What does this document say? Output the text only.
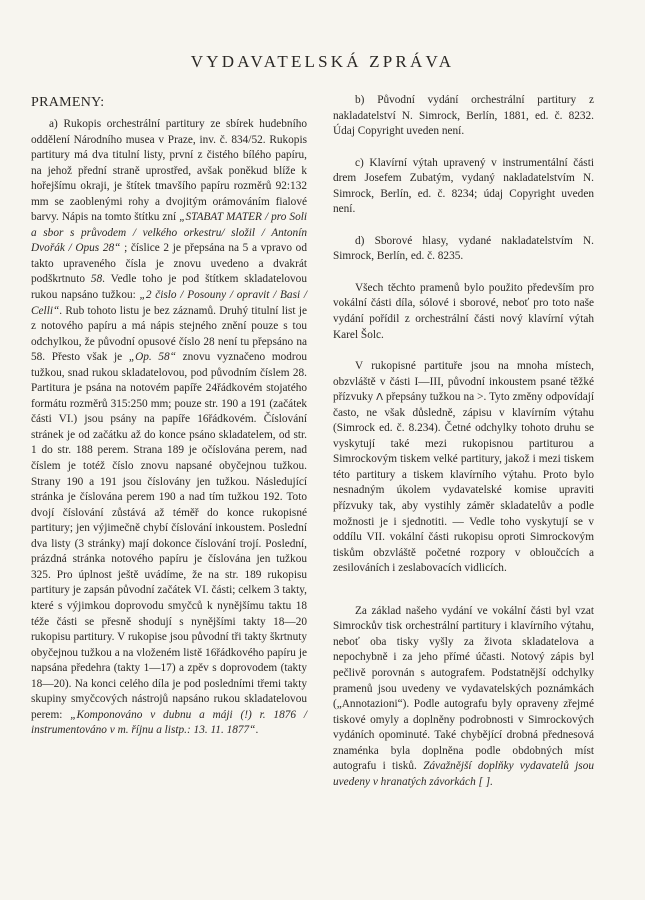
VYDAVATELSKÁ ZPRÁVA
PRAMENY:

a) Rukopis orchestrální partitury ze sbírek hudebního oddělení Národního musea v Praze, inv. č. 834/52. Rukopis partitury má dva titulní listy, první z čistého bílého papíru, na jehož přední straně uprostřed, avšak poněkud blíže k hořejšímu okraji, je štítek tmavšího papíru rozměrů 92:132 mm se zaoblenými rohy a dvojitým orámováním fialové barvy. Nápis na tomto štítku zní „STABAT MATER / pro Soli a sbor s průvodem / velkého orkestru/ složil / Antonín Dvořák / Opus 28“ ; číslice 2 je přepsána na 5 a vpravo od takto upraveného čísla je znovu uvedeno a dvakrát podškrtnuto 58. Vedle toho je pod štítkem skladatelovou rukou napsáno tužkou: „2 čislo / Posouny / opravit / Basi / Celli“. Rub tohoto listu je bez záznamů. Druhý titulní list je z notového papíru a má nápis stejného znění pouze s tou odchylkou, že původní opusové číslo 28 není tu přepsáno na 58. Přesto však je „Op. 58“ znovu vyznačeno modrou tužkou, snad rukou skladatelovou, pod původním číslem 28. Partitura je psána na notovém papíře 24řádkovém stojatého formátu rozměrů 315:250 mm; pouze str. 190 a 191 (začátek části VI.) jsou psány na papíře 16řádkovém. Číslování stránek je od začátku až do konce psáno skladatelem, od str. 1 do str. 188 perem. Strana 189 je očíslována perem, nad číslem je totéž číslo znovu napsané obyčejnou tužkou. Strany 190 a 191 jsou číslovány jen tužkou. Následující stránka je číslována perem 190 a nad tím tužkou 192. Toto dvojí číslování zůstává až téměř do konce rukopisné partitury; jen výjimečně chybí číslování inkoustem. Poslední dva listy (3 stránky) mají dokonce číslování trojí. Poslední, prázdná stránka notového papíru je číslována jen tužkou 325. Pro úplnost ještě uvádíme, že na str. 189 rukopisu partitury je zapsán původní začátek VI. části; celkem 3 takty, které s výjimkou doprovodu smyčců k nynějšímu taktu 18 téže části se přesně shodují s nynějšími takty 18—20 rukopisu partitury. V rukopise jsou původní tři takty škrtnuty obyčejnou tužkou a na vloženém listě 16řádkového papíru je napsána předehra (takty 1—17) a zpěv s doprovodem (takty 18—20). Na konci celého díla je pod posledními třemi takty skupiny smyčcových nástrojů napsáno rukou skladatelovou perem: „Komponováno v dubnu a máji (!) r. 1876 / instrumentováno v m. říjnu a listp.: 13. 11. 1877“.

b) Původní vydání orchestrální partitury z nakladatelství N. Simrock, Berlín, 1881, ed. č. 8232. Údaj Copyright uveden není.

c) Klavírní výtah upravený v instrumentální části drem Josefem Zubatým, vydaný nakladatelstvím N. Simrock, Berlín, ed. č. 8234; údaj Copyright uveden není.

d) Sborové hlasy, vydané nakladatelstvím N. Simrock, Berlín, ed. č. 8235.

Všech těchto pramenů bylo použito především pro vokální části díla, sólové i sborové, neboť pro toto naše vydání pořídil z orchestrální části nový klavírní výtah Karel Šolc.

V rukopisné partituře jsou na mnoha místech, obzvláště v části I—III, původní inkoustem psané těžké přízvuky Λ přepsány tužkou na >. Tyto změny odpovídají často, ne však důsledně, zápisu v klavírním výtahu (Simrock ed. č. 8.234). Četné odchylky tohoto druhu se vyskytují také mezi rukopisnou partiturou a Simrockovým tiskem velké partitury, jakož i mezi tiskem této partitury a tiskem klavírního výtahu. Proto bylo nesnadným úkolem vydavatelské komise upraviti přízvuky tak, aby vystihly záměr skladatelův a podle možnosti je i sjednotiti. — Vedle toho vyskytují se v oddílu VII. vokální části rukopisu oproti Simrockovým tiskům obzvláště početné rozpory v obloučcích a zesilováních i zeslabovacích vidlicích.

Za základ našeho vydání ve vokální části byl vzat Simrockův tisk orchestrální partitury i klavírního výtahu, neboť oba tisky vyšly za života skladatelova a nepochybně i za jeho přímé účasti. Notový zápis byl pečlivě porovnán s autografem. Podstatnější odchylky pramenů jsou uvedeny ve vydavatelských poznámkách („Annotazioni“). Podle autografu byly opraveny zřejmé tiskové omyly a doplněny podrobnosti v Simrockových vydáních opominuté. Také chybějící drobná přednesová znaménka byla doplněna podle obdobných míst autografu i tisků. Závažnější doplňky vydavatelů jsou uvedeny v hranatých závorkách [ ].
